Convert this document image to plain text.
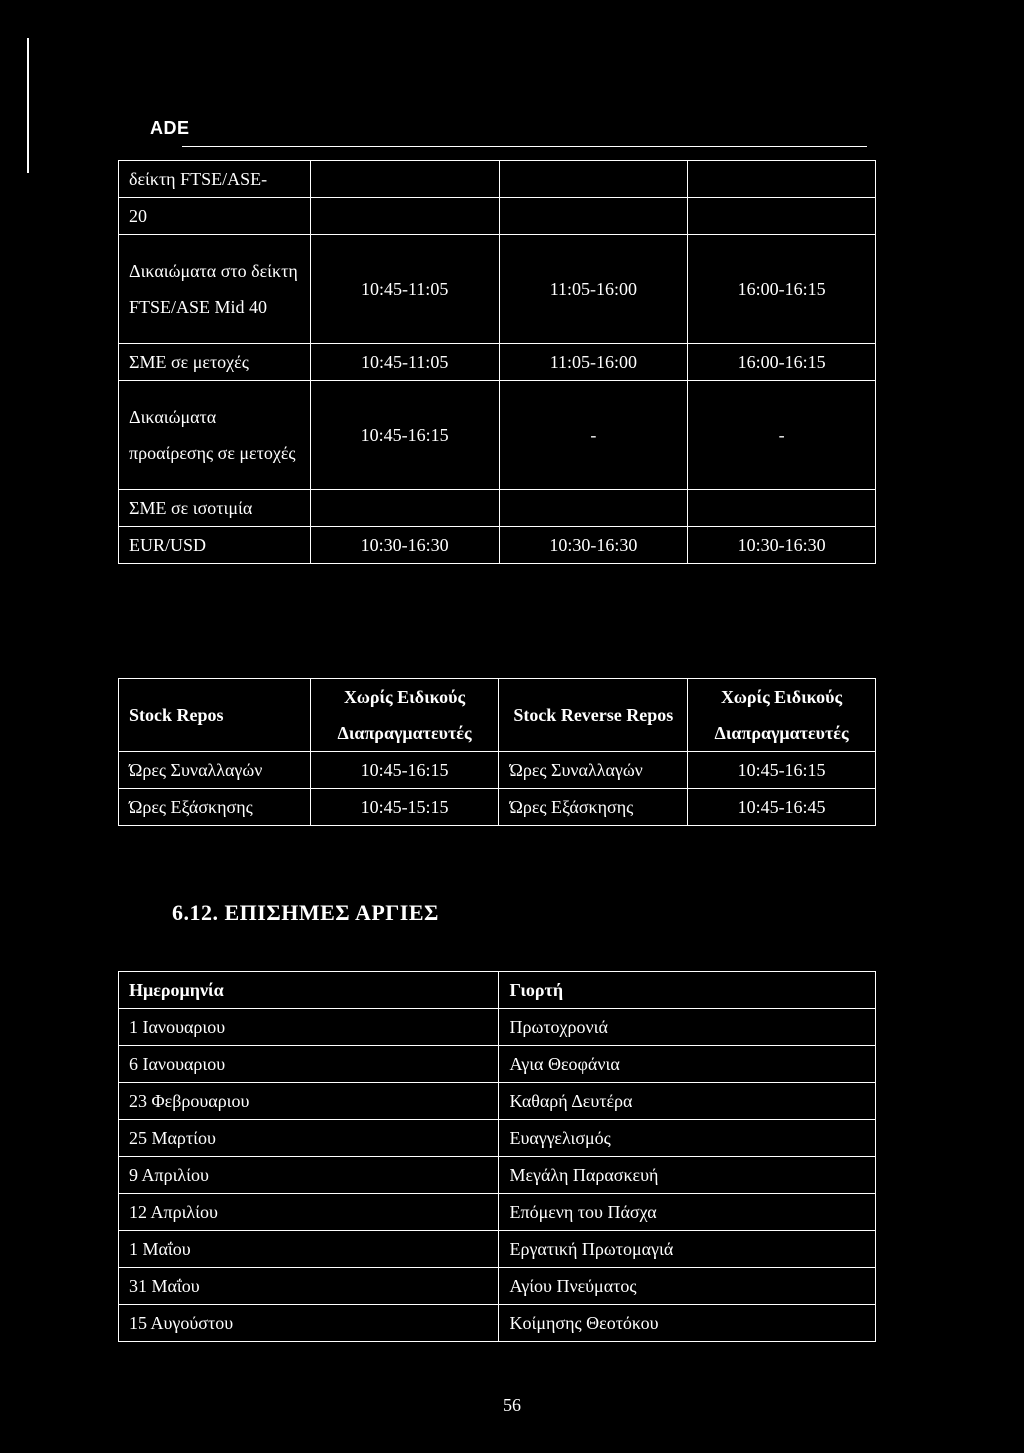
ADE
δείκτη FTSE/ASE-			
20			
Δικαιώματα στο δείκτη FTSE/ASE Mid 40	10:45-11:05	11:05-16:00	16:00-16:15
ΣΜΕ σε μετοχές	10:45-11:05	11:05-16:00	16:00-16:15
Δικαιώματα προαίρεσης σε μετοχές	10:45-16:15	-	-
ΣΜΕ σε ισοτιμία			
EUR/USD	10:30-16:30	10:30-16:30	10:30-16:30
Stock Repos	Χωρίς Ειδικούς Διαπραγματευτές	Stock Reverse Repos	Χωρίς Ειδικούς Διαπραγματευτές
Ώρες Συναλλαγών	10:45-16:15	Ώρες Συναλλαγών	10:45-16:15
Ώρες Εξάσκησης	10:45-15:15	Ώρες Εξάσκησης	10:45-16:45
6.12. ΕΠΙΣΗΜΕΣ ΑΡΓΙΕΣ
Ημερομηνία	Γιορτή
1 Ιανουαριου	Πρωτοχρονιά
6 Ιανουαριου	Αγια Θεοφάνια
23 Φεβρουαριου	Καθαρή Δευτέρα
25 Μαρτίου	Ευαγγελισμός
9 Απριλίου	Μεγάλη Παρασκευή
12 Απριλίου	Επόμενη του Πάσχα
1 Μαΐου	Εργατική Πρωτομαγιά
31 Μαΐου	Αγίου Πνεύματος
15 Αυγούστου	Κοίμησης Θεοτόκου
56
